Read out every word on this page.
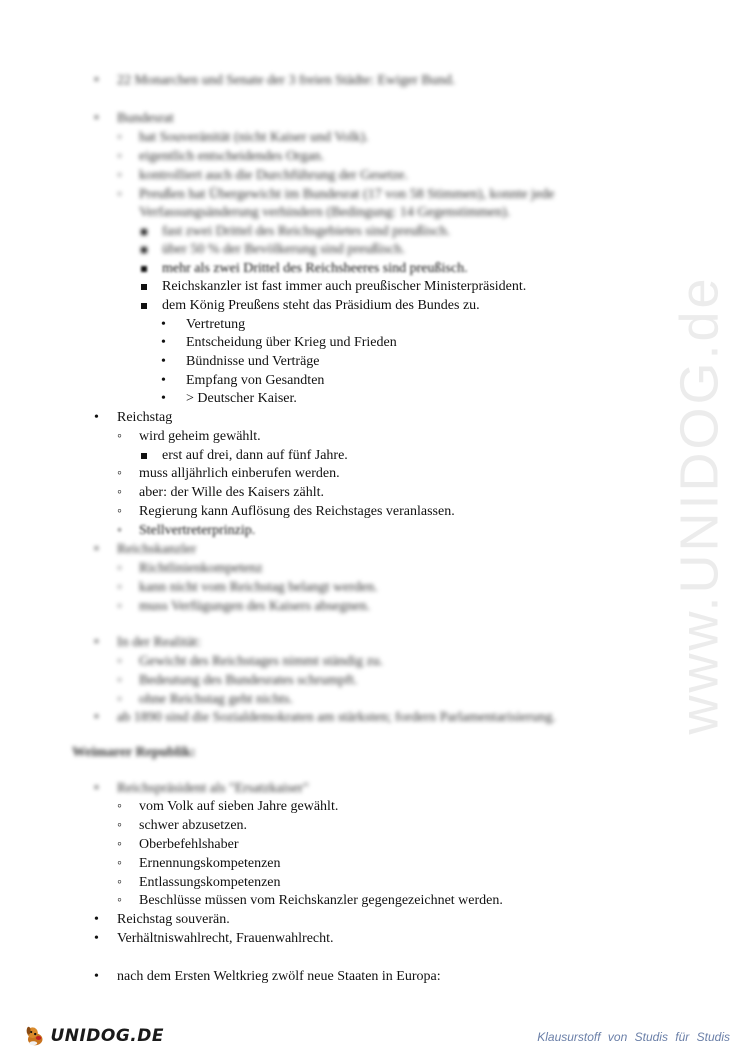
www.UNIDOG.de
• 22 Monarchen und Senate der 3 freien Städte: Ewiger Bund.
• Bundesrat
◦ hat Souveränität (nicht Kaiser und Volk).
◦ eigentlich entscheidendes Organ.
◦ kontrolliert auch die Durchführung der Gesetze.
◦ Preußen hat Übergewicht im Bundesrat (17 von 58 Stimmen), konnte jede
Verfassungsänderung verhindern (Bedingung: 14 Gegenstimmen).
fast zwei Drittel des Reichsgebietes sind preußisch.
über 50 % der Bevölkerung sind preußisch.
mehr als zwei Drittel des Reichsheeres sind preußisch.
Reichskanzler ist fast immer auch preußischer Ministerpräsident.
dem König Preußens steht das Präsidium des Bundes zu.
• Vertretung
• Entscheidung über Krieg und Frieden
• Bündnisse und Verträge
• Empfang von Gesandten
• > Deutscher Kaiser.
• Reichstag
◦ wird geheim gewählt.
erst auf drei, dann auf fünf Jahre.
◦ muss alljährlich einberufen werden.
◦ aber: der Wille des Kaisers zählt.
◦ Regierung kann Auflösung des Reichstages veranlassen.
◦ Stellvertreterprinzip.
• Reichskanzler
◦ Richtlinienkompetenz
◦ kann nicht vom Reichstag belangt werden.
◦ muss Verfügungen des Kaisers absegnen.
• In der Realität:
◦ Gewicht des Reichstages nimmt ständig zu.
◦ Bedeutung des Bundesrates schrumpft.
◦ ohne Reichstag geht nichts.
• ab 1890 sind die Sozialdemokraten am stärksten; fordern Parlamentarisierung.
Weimarer Republik:
• Reichspräsident als "Ersatzkaiser"
◦ vom Volk auf sieben Jahre gewählt.
◦ schwer abzusetzen.
◦ Oberbefehlshaber
◦ Ernennungskompetenzen
◦ Entlassungskompetenzen
◦ Beschlüsse müssen vom Reichskanzler gegengezeichnet werden.
• Reichstag souverän.
• Verhältniswahlrecht, Frauenwahlrecht.
• nach dem Ersten Weltkrieg zwölf neue Staaten in Europa:
UNIDOG.DE	Klausurstoff von Studis für Studis
